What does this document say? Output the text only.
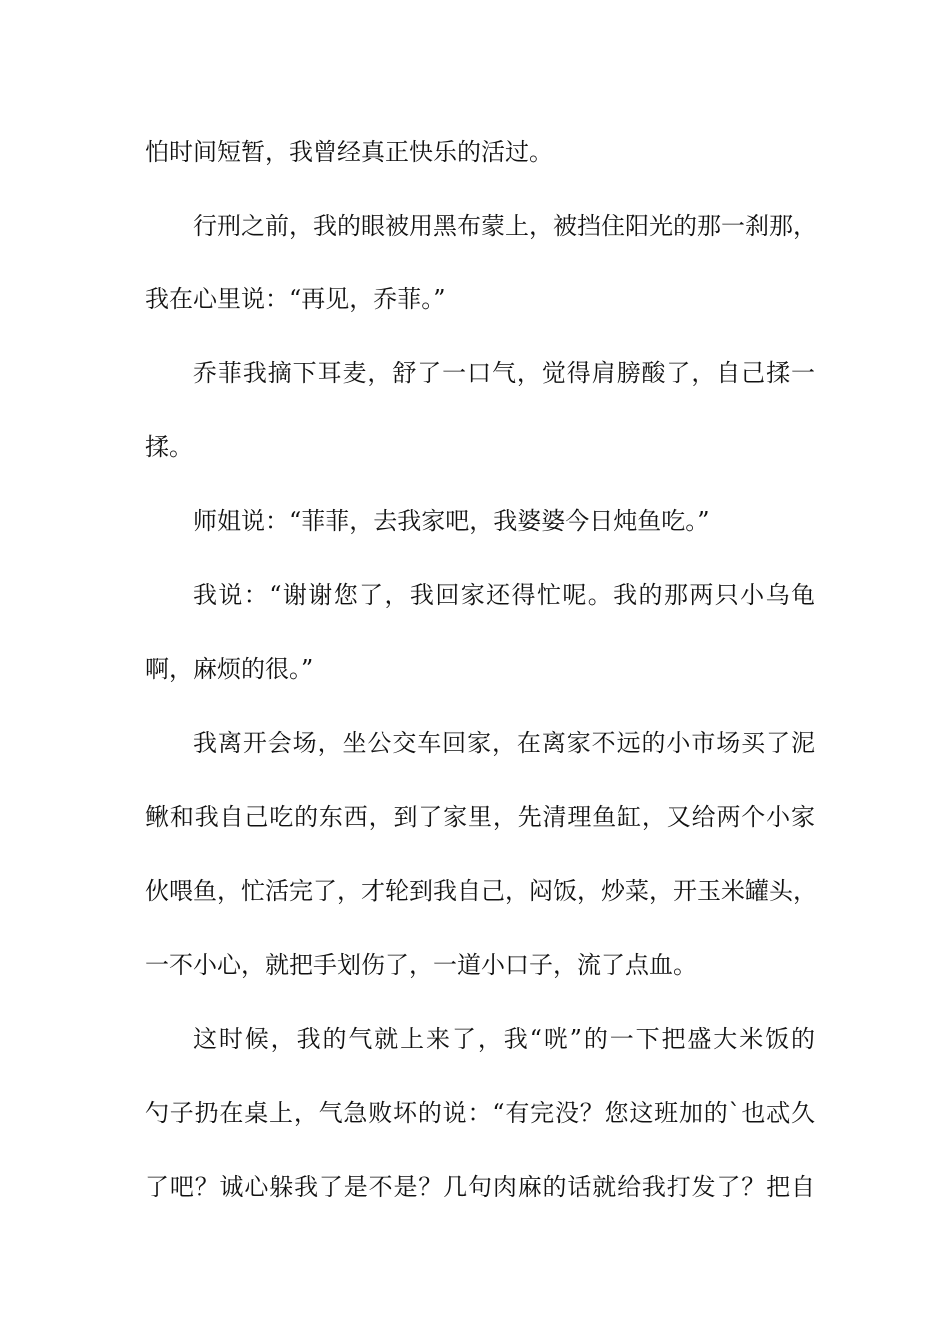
怕时间短暂，我曾经真正快乐的活过。
行刑之前，我的眼被用黑布蒙上，被挡住阳光的那一刹那，
我在心里说：“再见，乔菲。”
乔菲我摘下耳麦，舒了一口气，觉得肩膀酸了，自己揉一
揉。
师姐说：“菲菲，去我家吧，我婆婆今日炖鱼吃。”
我说：“谢谢您了，我回家还得忙呢。我的那两只小乌龟
啊，麻烦的很。”
我离开会场，坐公交车回家，在离家不远的小市场买了泥
鳅和我自己吃的东西，到了家里，先清理鱼缸，又给两个小家
伙喂鱼，忙活完了，才轮到我自己，闷饭，炒菜，开玉米罐头，
一不小心，就把手划伤了，一道小口子，流了点血。
这时候，我的气就上来了，我“咣”的一下把盛大米饭的
勺子扔在桌上，气急败坏的说：“有完没？您这班加的`也忒久
了吧？诚心躲我了是不是？几句肉麻的话就给我打发了？把自
